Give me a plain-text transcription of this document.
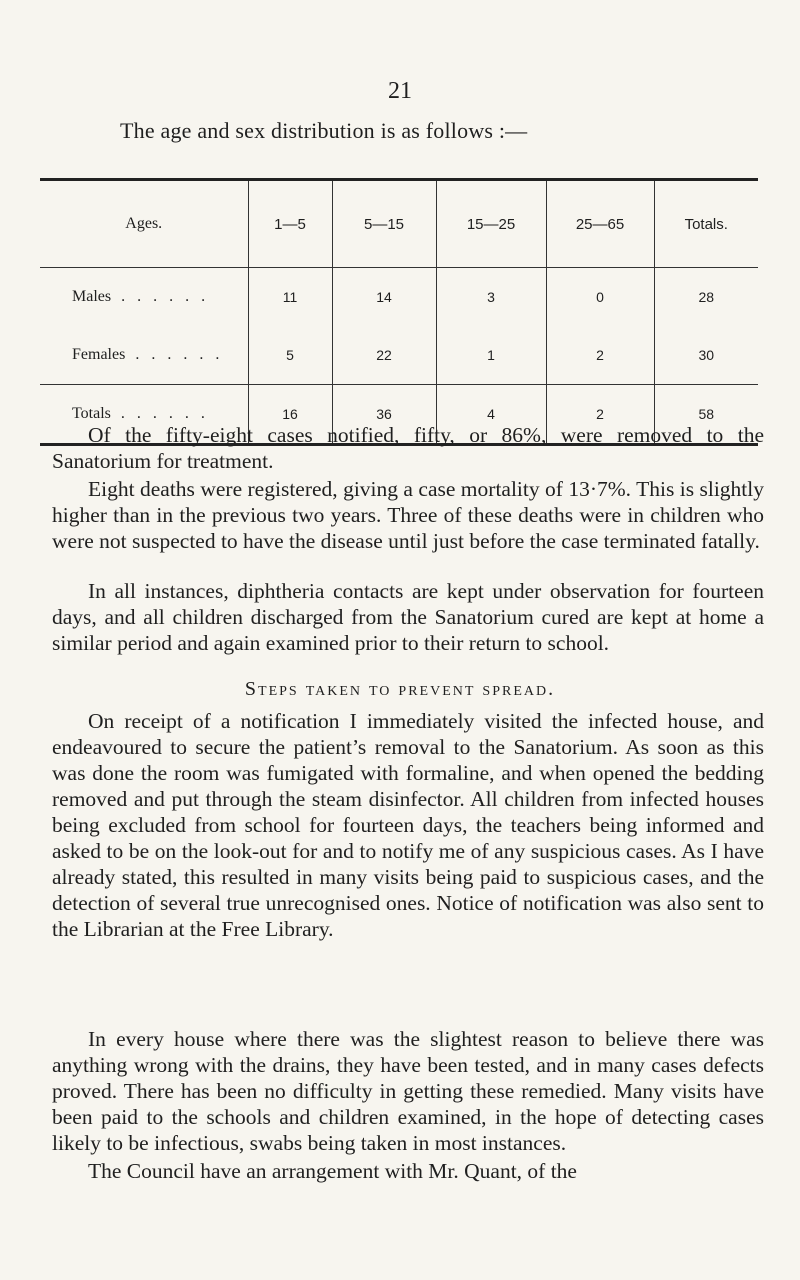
21
The age and sex distribution is as follows :—
Ages.	1—5	5—15	15—25	25—65	Totals.
Males . . . . . .	11	14	3	0	28
Females . . . . . .	5	22	1	2	30
Totals . . . . . .	16	36	4	2	58

Of the fifty-eight cases notified, fifty, or 86%, were removed to the Sanatorium for treatment.

Eight deaths were registered, giving a case mortality of 13·7%. This is slightly higher than in the previous two years. Three of these deaths were in children who were not suspected to have the disease until just before the case terminated fatally.

In all instances, diphtheria contacts are kept under observation for fourteen days, and all children discharged from the Sanatorium cured are kept at home a similar period and again examined prior to their return to school.

Steps taken to prevent spread.

On receipt of a notification I immediately visited the infected house, and endeavoured to secure the patient’s removal to the Sanatorium. As soon as this was done the room was fumigated with formaline, and when opened the bedding removed and put through the steam disinfector. All children from infected houses being excluded from school for fourteen days, the teachers being informed and asked to be on the look-out for and to notify me of any suspicious cases. As I have already stated, this resulted in many visits being paid to suspicious cases, and the detection of several true unrecognised ones. Notice of notification was also sent to the Librarian at the Free Library.

In every house where there was the slightest reason to believe there was anything wrong with the drains, they have been tested, and in many cases defects proved. There has been no difficulty in getting these remedied. Many visits have been paid to the schools and children examined, in the hope of detecting cases likely to be infectious, swabs being taken in most instances.

The Council have an arrangement with Mr. Quant, of the
